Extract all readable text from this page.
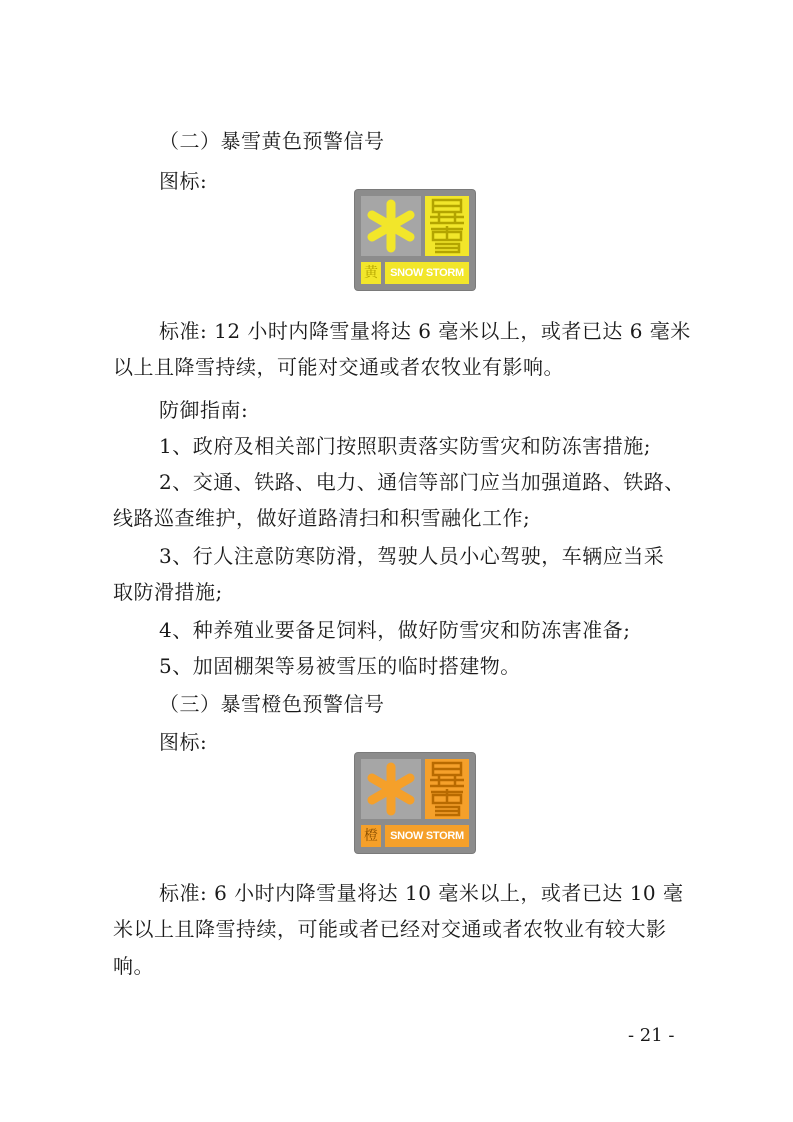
（二）暴雪黄色预警信号
图标:
黄	SNOW STORM
标准: 12 小时内降雪量将达 6 毫米以上，或者已达 6 毫米
以上且降雪持续，可能对交通或者农牧业有影响。
防御指南:
1、政府及相关部门按照职责落实防雪灾和防冻害措施;
2、交通、铁路、电力、通信等部门应当加强道路、铁路、
线路巡查维护，做好道路清扫和积雪融化工作;
3、行人注意防寒防滑，驾驶人员小心驾驶，车辆应当采
取防滑措施;
4、种养殖业要备足饲料，做好防雪灾和防冻害准备;
5、加固棚架等易被雪压的临时搭建物。
（三）暴雪橙色预警信号
图标:
橙	SNOW STORM
标准: 6 小时内降雪量将达 10 毫米以上，或者已达 10 毫
米以上且降雪持续，可能或者已经对交通或者农牧业有较大影
响。
- 21 -
